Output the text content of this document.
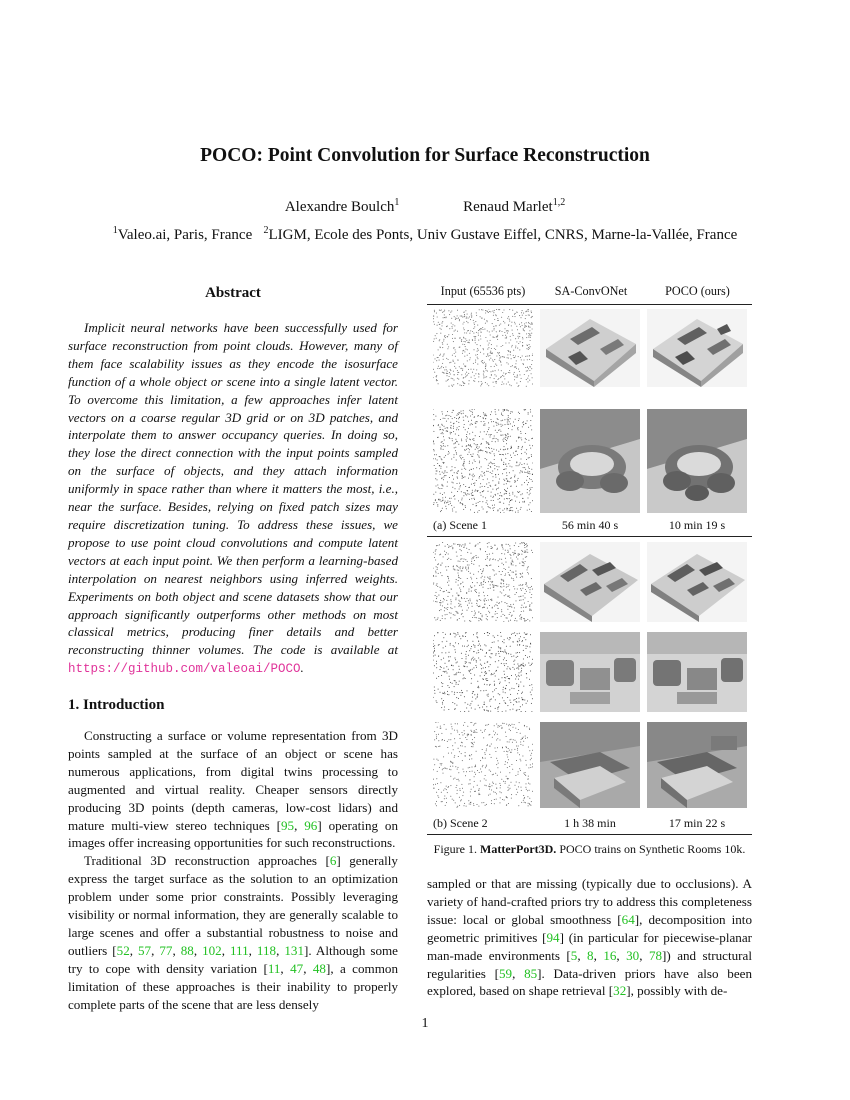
POCO: Point Convolution for Surface Reconstruction
Alexandre Boulch$^1$	Renaud Marlet$^{1,2}$
$^1$Valeo.ai, Paris, France $^2$LIGM, Ecole des Ponts, Univ Gustave Eiffel, CNRS, Marne-la-Vallée, France
Abstract
Implicit neural networks have been successfully used for surface reconstruction from point clouds. However, many of them face scalability issues as they encode the isosurface function of a whole object or scene into a single latent vector. To overcome this limitation, a few approaches infer latent vectors on a coarse regular 3D grid or on 3D patches, and interpolate them to answer occupancy queries. In doing so, they lose the direct connection with the input points sampled on the surface of objects, and they attach information uniformly in space rather than where it matters the most, i.e., near the surface. Besides, relying on fixed patch sizes may require discretization tuning. To address these issues, we propose to use point cloud convolutions and compute latent vectors at each input point. We then perform a learning-based interpolation on nearest neighbors using inferred weights. Experiments on both object and scene datasets show that our approach significantly outperforms other methods on most classical metrics, producing finer details and better reconstructing thinner volumes. The code is available at https://github.com/valeoai/POCO.
1. Introduction

Constructing a surface or volume representation from 3D points sampled at the surface of an object or scene has numerous applications, from digital twins processing to augmented and virtual reality. Cheaper sensors directly producing 3D points (depth cameras, low-cost lidars) and mature multi-view stereo techniques [95, 96] operating on images offer increasing opportunities for such reconstructions.

Traditional 3D reconstruction approaches [6] generally express the target surface as the solution to an optimization problem under some prior constraints. Possibly leveraging visibility or normal information, they are generally scalable to large scenes and offer a substantial robustness to noise and outliers [52, 57, 77, 88, 102, 111, 118, 131]. Although some try to cope with density variation [11, 47, 48], a common limitation of these approaches is their inability to properly complete parts of the scene that are less densely

Input (65536 pts)	SA-ConvONet	POCO (ours)
(a) Scene 1	56 min 40 s	10 min 19 s
(b) Scene 2	1 h 38 min	17 min 22 s
Figure 1. MatterPort3D. POCO trains on Synthetic Rooms 10k.
sampled or that are missing (typically due to occlusions). A variety of hand-crafted priors try to address this completeness issue: local or global smoothness [64], decomposition into geometric primitives [94] (in particular for piecewise-planar man-made environments [5, 8, 16, 30, 78]) and structural regularities [59, 85]. Data-driven priors have also been explored, based on shape retrieval [32], possibly with de-
1
